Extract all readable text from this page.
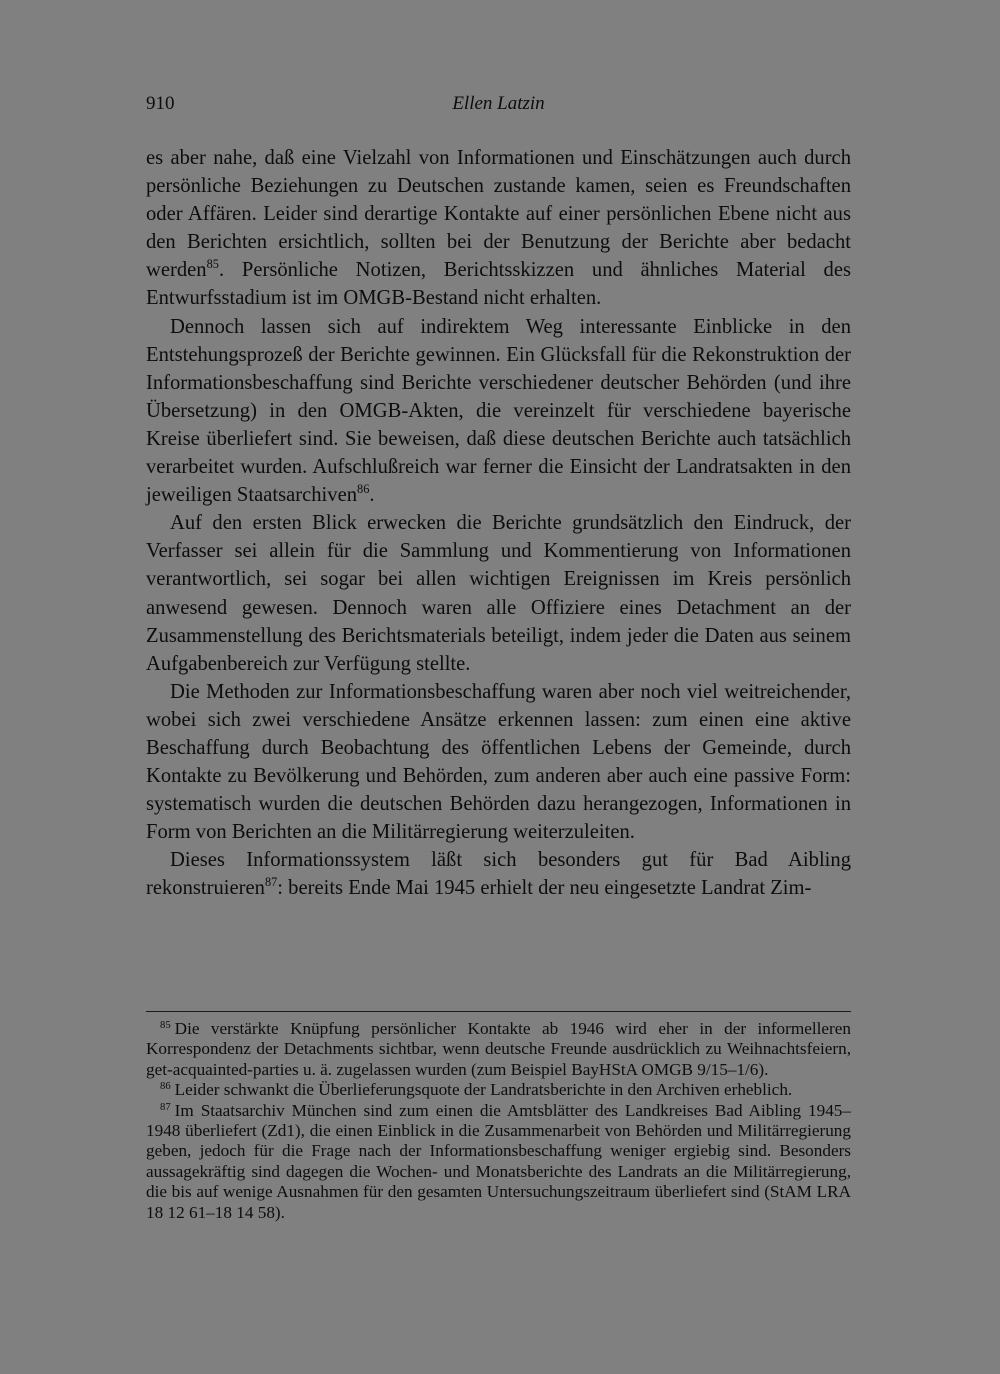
910	Ellen Latzin

es aber nahe, daß eine Vielzahl von Informationen und Einschätzungen auch durch persönliche Beziehungen zu Deutschen zustande kamen, seien es Freundschaften oder Affären. Leider sind derartige Kontakte auf einer persönlichen Ebene nicht aus den Berichten ersichtlich, sollten bei der Benutzung der Berichte aber bedacht werden$^{85}$. Persönliche Notizen, Berichtsskizzen und ähnliches Material des Entwurfsstadium ist im OMGB-Bestand nicht erhalten.

Dennoch lassen sich auf indirektem Weg interessante Einblicke in den Entstehungsprozeß der Berichte gewinnen. Ein Glücksfall für die Rekonstruktion der Informationsbeschaffung sind Berichte verschiedener deutscher Behörden (und ihre Übersetzung) in den OMGB-Akten, die vereinzelt für verschiedene bayerische Kreise überliefert sind. Sie beweisen, daß diese deutschen Berichte auch tatsächlich verarbeitet wurden. Aufschlußreich war ferner die Einsicht der Landratsakten in den jeweiligen Staatsarchiven$^{86}$.

Auf den ersten Blick erwecken die Berichte grundsätzlich den Eindruck, der Verfasser sei allein für die Sammlung und Kommentierung von Informationen verantwortlich, sei sogar bei allen wichtigen Ereignissen im Kreis persönlich anwesend gewesen. Dennoch waren alle Offiziere eines Detachment an der Zusammenstellung des Berichtsmaterials beteiligt, indem jeder die Daten aus seinem Aufgabenbereich zur Verfügung stellte.

Die Methoden zur Informationsbeschaffung waren aber noch viel weitreichender, wobei sich zwei verschiedene Ansätze erkennen lassen: zum einen eine aktive Beschaffung durch Beobachtung des öffentlichen Lebens der Gemeinde, durch Kontakte zu Bevölkerung und Behörden, zum anderen aber auch eine passive Form: systematisch wurden die deutschen Behörden dazu herangezogen, Informationen in Form von Berichten an die Militärregierung weiterzuleiten.

Dieses Informationssystem läßt sich besonders gut für Bad Aibling rekonstruieren$^{87}$: bereits Ende Mai 1945 erhielt der neu eingesetzte Landrat Zim-

$^{85}$ Die verstärkte Knüpfung persönlicher Kontakte ab 1946 wird eher in der informelleren Korrespondenz der Detachments sichtbar, wenn deutsche Freunde ausdrücklich zu Weihnachtsfeiern, get-acquainted-parties u. ä. zugelassen wurden (zum Beispiel BayHStA OMGB 9/15–1/6).

$^{86}$ Leider schwankt die Überlieferungsquote der Landratsberichte in den Archiven erheblich.

$^{87}$ Im Staatsarchiv München sind zum einen die Amtsblätter des Landkreises Bad Aibling 1945–1948 überliefert (Zd1), die einen Einblick in die Zusammenarbeit von Behörden und Militärregierung geben, jedoch für die Frage nach der Informationsbeschaffung weniger ergiebig sind. Besonders aussagekräftig sind dagegen die Wochen- und Monatsberichte des Landrats an die Militärregierung, die bis auf wenige Ausnahmen für den gesamten Untersuchungszeitraum überliefert sind (StAM LRA 18 12 61–18 14 58).
